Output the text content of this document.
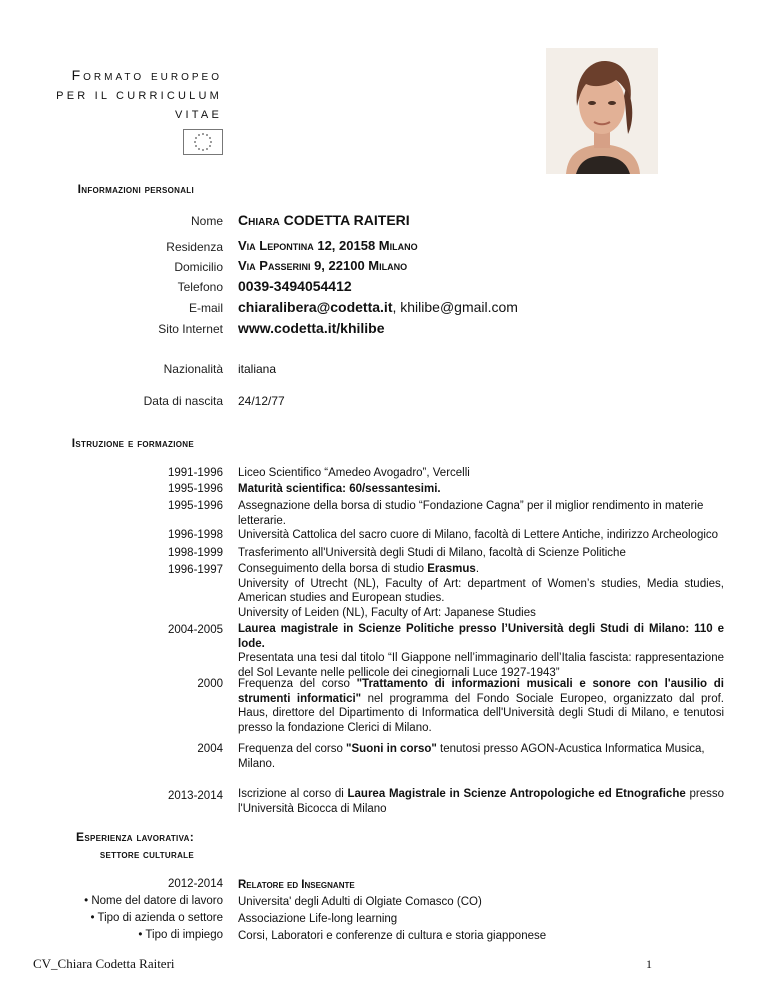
Formato europeo
PER IL CURRICULUM
VITAE
Informazioni personali
Nome Chiara CODETTA RAITERI
Residenza Via Lepontina 12, 20158 Milano
Domicilio Via Passerini 9, 22100 Milano
Telefono 0039-3494054412
E-mail chiaralibera@codetta.it, khilibe@gmail.com
Sito Internet www.codetta.it/khilibe
Nazionalità italiana
Data di nascita 24/12/77
Istruzione e formazione
1991-1996 Liceo Scientifico “Amedeo Avogadro”, Vercelli
1995-1996 Maturità scientifica: 60/sessantesimi.
1995-1996 Assegnazione della borsa di studio “Fondazione Cagna” per il miglior rendimento in materie letterarie.
1996-1998 Università Cattolica del sacro cuore di Milano, facoltà di Lettere Antiche, indirizzo Archeologico
1998-1999 Trasferimento all'Università degli Studi di Milano, facoltà di Scienze Politiche
1996-1997 Conseguimento della borsa di studio Erasmus.
University of Utrecht (NL), Faculty of Art: department of Women’s studies, Media studies, American studies and European studies.
University of Leiden (NL), Faculty of Art: Japanese Studies
2004-2005 Laurea magistrale in Scienze Politiche presso l’Università degli Studi di Milano: 110 e lode.
Presentata una tesi dal titolo “Il Giappone nell’immaginario dell’Italia fascista: rappresentazione del Sol Levante nelle pellicole dei cinegiornali Luce 1927-1943”
2000 Frequenza del corso "Trattamento di informazioni musicali e sonore con l'ausilio di strumenti informatici" nel programma del Fondo Sociale Europeo, organizzato dal prof. Haus, direttore del Dipartimento di Informatica dell'Università degli Studi di Milano, e tenutosi presso la fondazione Clerici di Milano.
2004 Frequenza del corso "Suoni in corso" tenutosi presso AGON-Acustica Informatica Musica, Milano.
2013-2014 Iscrizione al corso di Laurea Magistrale in Scienze Antropologiche ed Etnografiche presso l'Università Bicocca di Milano
Esperienza lavorativa:
settore culturale
2012-2014 Relatore ed Insegnante
• Nome del datore di lavoro Universita' degli Adulti di Olgiate Comasco (CO)
• Tipo di azienda o settore Associazione Life-long learning
• Tipo di impiego Corsi, Laboratori e conferenze di cultura e storia giapponese
CV_Chiara Codetta Raiteri	1
